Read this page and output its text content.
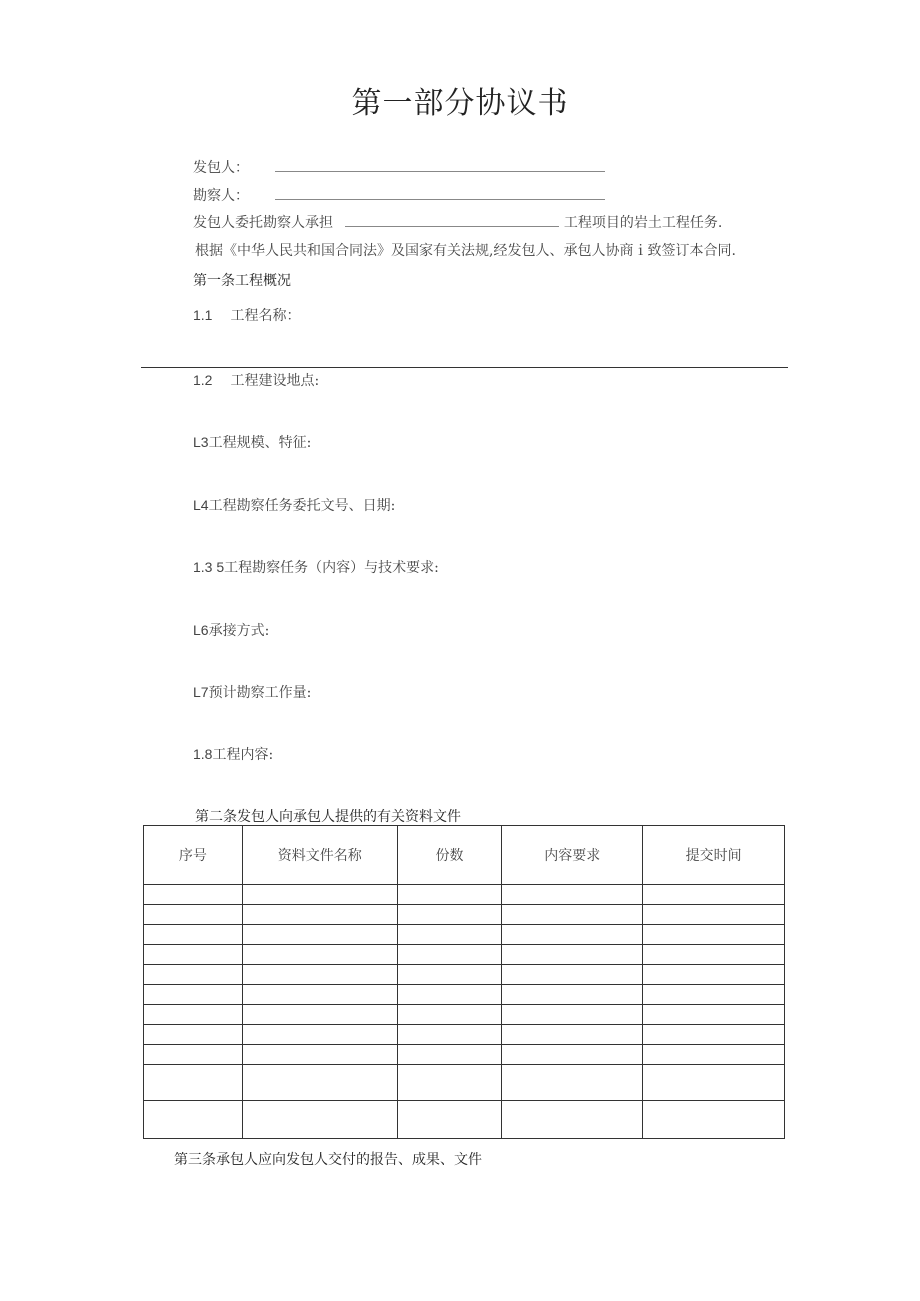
第一部分协议书
发包人：
勘察人：
发包人委托勘察人承担	工程项目的岩土工程任务.
根据《中华人民共和国合同法》及国家有关法规,经发包人、承包人协商ｉ致签订本合同.
第一条工程概况
1.1 工程名称：
1.2 工程建设地点:
L3工程规模、特征:
L4工程勘察任务委托文号、日期:
1.3 5工程勘察任务（内容）与技术要求:
L6承接方式:
L7预计勘察工作量:
1.8工程内容:
第二条发包人向承包人提供的有关资料文件
序号	资料文件名称	份数	内容要求	提交时间

第三条承包人应向发包人交付的报告、成果、文件
